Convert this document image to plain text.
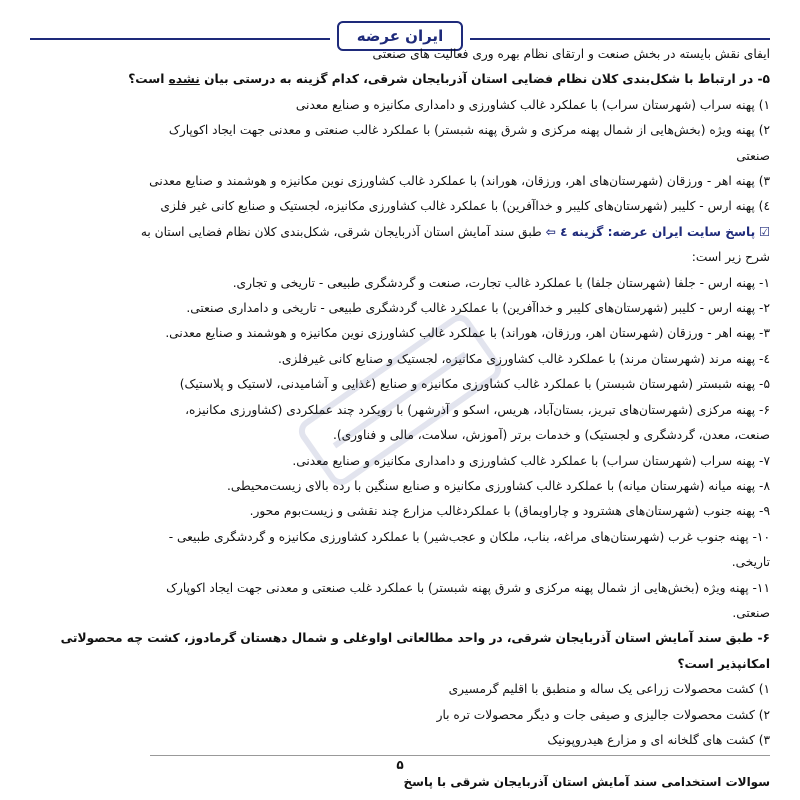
ایران عرضه
ایفای نقش بایسته در بخش صنعت و ارتقای نظام بهره وری فعالیت های صنعتی
۵- در ارتباط با شکل‌بندی کلان نظام فضایی استان آذربایجان شرقی، کدام گزینه به درستی بیان نشده است؟
۱) پهنه سراب (شهرستان سراب) با عملکرد غالب کشاورزی و دامداری مکانیزه و صنایع معدنی
۲) پهنه ویژه (بخش‌هایی از شمال پهنه مرکزی و شرق پهنه شبستر) با عملکرد غالب صنعتی و معدنی جهت ایجاد اکوپارک
صنعتی
۳) پهنه اهر - ورزقان (شهرستان‌های اهر، ورزقان، هوراند) با عملکرد غالب کشاورزی نوین مکانیزه و هوشمند و صنایع معدنی
٤) پهنه ارس - کلیبر (شهرستان‌های کلیبر و خداآفرین) با عملکرد غالب کشاورزی مکانیزه، لجستیک و صنایع کانی غیر فلزی
☑ پاسخ سایت ایران عرضه: گزینه ٤ ⇦ طبق سند آمایش استان آذربایجان شرقی، شکل‌بندی کلان نظام فضایی استان به
شرح زیر است:
۱- پهنه ارس - جلفا (شهرستان جلفا) با عملکرد غالب تجارت، صنعت و گردشگری طبیعی - تاریخی و تجاری.
۲- پهنه ارس - کلیبر (شهرستان‌های کلیبر و خداآفرین) با عملکرد غالب گردشگری طبیعی - تاریخی و دامداری صنعتی.
۳- پهنه اهر - ورزقان (شهرستان اهر، ورزقان، هوراند) با عملکرد غالب کشاورزی نوین مکانیزه و هوشمند و صنایع معدنی.
٤- پهنه مرند (شهرستان مرند) با عملکرد غالب کشاورزی مکانیزه، لجستیک و صنایع کانی غیرفلزی.
۵- پهنه شبستر (شهرستان شبستر) با عملکرد غالب کشاورزی مکانیزه و صنایع (غذایی و آشامیدنی، لاستیک و پلاستیک)
۶- پهنه مرکزی (شهرستان‌های تبریز، بستان‌آباد، هریس، اسکو و آذرشهر) با رویکرد چند عملکردی (کشاورزی مکانیزه،
صنعت، معدن، گردشگری و لجستیک) و خدمات برتر (آموزش، سلامت، مالی و فناوری).
۷- پهنه سراب (شهرستان سراب) با عملکرد غالب کشاورزی و دامداری مکانیزه و صنایع معدنی.
۸- پهنه میانه (شهرستان میانه) با عملکرد غالب کشاورزی مکانیزه و صنایع سنگین با رده بالای زیست‌محیطی.
۹- پهنه جنوب (شهرستان‌های هشترود و چاراویماق) با عملکردغالب مزارع چند نقشی و زیست‌بوم محور.
۱۰- پهنه جنوب غرب (شهرستان‌های مراغه، بناب، ملکان و عجب‌شیر) با عملکرد کشاورزی مکانیزه و گردشگری طبیعی -
تاریخی.
۱۱- پهنه ویژه (بخش‌هایی از شمال پهنه مرکزی و شرق پهنه شبستر) با عملکرد غلب صنعتی و معدنی جهت ایجاد اکوپارک
صنعتی.
۶- طبق سند آمایش استان آذربایجان شرقی، در واحد مطالعاتی اواوغلی و شمال دهستان گرمادوز، کشت چه محصولاتی
امکانپذیر است؟
۱) کشت محصولات زراعی یک ساله و منطبق با اقلیم گرمسیری
۲) کشت محصولات جالیزی و صیفی جات و دیگر محصولات تره بار
۳) کشت های گلخانه ای و مزارع هیدروپونیک
۵
سوالات استخدامی سند آمایش استان آذربایجان شرقی با پاسخ
